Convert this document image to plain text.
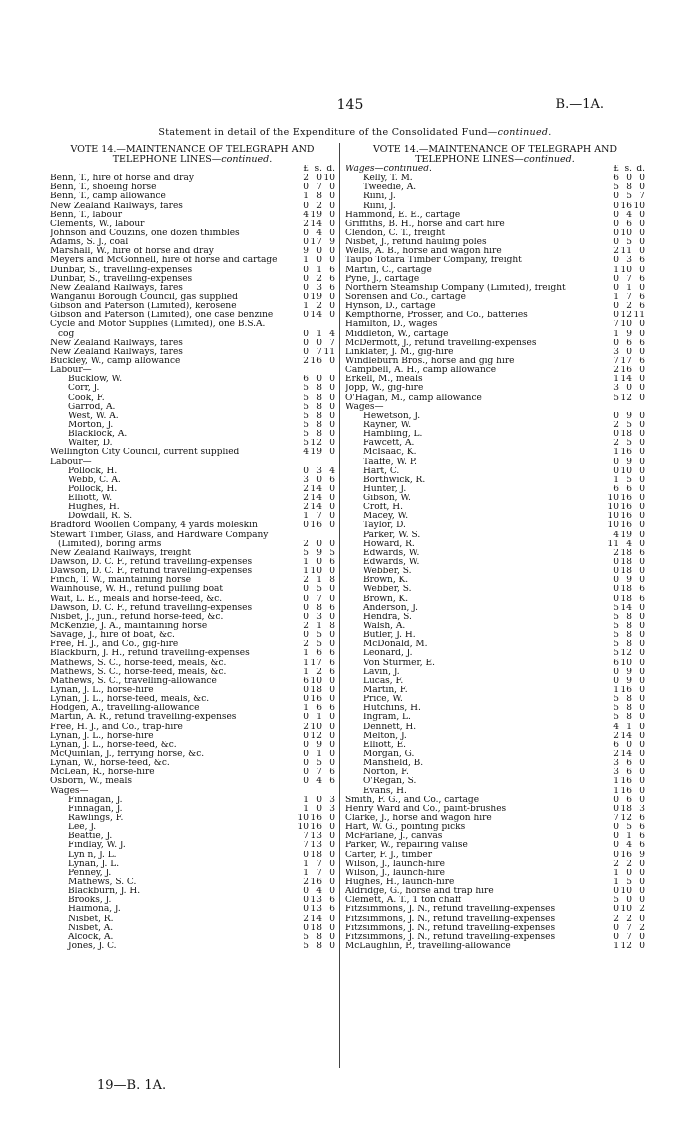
145	B.—1A.
Statement in detail of the Expenditure of the Consolidated Fund—continued.
VOTE 14.—MAINTENANCE OF TELEGRAPH AND TELEPHONE LINES—continued.
£ s. d.
Benn, T., hire of horse and dray	2 0 10
Benn, T., shoeing horse	0 7 0
Benn, T., camp allowance	1 8 0
New Zealand Railways, fares	0 2 0
Benn, T., labour	4 19 0
Clements, W., labour	2 14 0
Johnson and Couzins, one dozen thimbles	0 4 0
Adams, S. J., coal	0 17 9
Marshall, W., hire of horse and dray	9 0 0
Meyers and McGonnell, hire of horse and cartage	1 0 0
Dunbar, S., travelling-expenses	0 1 6
Dunbar, S., travelling-expenses	0 2 6
New Zealand Railways, fares	0 3 6
Wanganui Borough Council, gas supplied	0 19 0
Gibson and Paterson (Limited), kerosene	1 2 0
Gibson and Paterson (Limited), one case benzine	0 14 0
Cycle and Motor Supplies (Limited), one B.S.A.
cog	0 1 4
New Zealand Railways, fares	0 0 7
New Zealand Railways, fares	0 7 11
Buckley, W., camp allowance	2 16 0
Labour—
Bucklow, W.	6 0 0
Corr, J.	5 8 0
Cook, F.	5 8 0
Garrod, A.	5 8 0
West, W. A.	5 8 0
Morton, J.	5 8 0
Blacklock, A.	5 8 0
Walter, D.	5 12 0
Wellington City Council, current supplied	4 19 0
Labour—
Pollock, H.	0 3 4
Webb, C. A.	3 0 6
Pollock, H.	2 14 0
Elliott, W.	2 14 0
Hughes, H.	2 14 0
Dowdall, R. S.	1 7 0
Bradford Woollen Company, 4 yards moleskin	0 16 0
Stewart Timber, Glass, and Hardware Company
(Limited), boring arms	2 0 0
New Zealand Railways, freight	5 9 5
Dawson, D. C. F., refund travelling-expenses	1 0 6
Dawson, D. C. F., refund travelling-expenses	1 10 0
Finch, T. W., maintaining horse	2 1 8
Wainhouse, W. H., refund pulling boat	0 5 0
Wait, L. E., meals and horse-feed, &c.	0 7 0
Dawson, D. C. F., refund travelling-expenses	0 8 6
Nisbet, J., jun., refund horse-feed, &c.	0 3 0
McKenzie, J. A., maintaining horse	2 1 8
Savage, J., hire of boat, &c.	0 5 0
Free, H. J., and Co., gig-hire	2 5 0
Blackburn, J. H., refund travelling-expenses	1 6 6
Mathews, S. C., horse-feed, meals, &c.	1 17 6
Mathews, S. C., horse-feed, meals, &c.	1 2 6
Mathews, S. C., travelling-allowance	6 10 0
Lynan, J. L., horse-hire	0 18 0
Lynan, J. L., horse-feed, meals, &c.	0 16 0
Hodgen, A., travelling-allowance	1 6 6
Martin, A. R., refund travelling-expenses	0 1 0
Free, H. J., and Co., trap-hire	2 10 0
Lynan, J. L., horse-hire	0 12 0
Lynan, J. L., horse-feed, &c.	0 9 0
McQuinlan, J., ferrying horse, &c.	0 1 0
Lynan, W., horse-feed, &c.	0 5 0
McLean, R., horse-hire	0 7 6
Osborn, W., meals	0 4 6
Wages—
Finnagan, J.	1 0 3
Finnagan, J.	1 0 3
Rawlings, F.	10 16 0
Lee, J.	10 16 0
Beattie, J.	7 13 0
Findlay, W. J.	7 13 0
Lyn n, J. L.	0 18 0
Lynan, J. L.	1 7 0
Penney, J.	1 7 0
Mathews, S. C.	2 16 0
Blackburn, J. H.	0 4 0
Brooks, J.	0 13 6
Haimona, J.	0 13 6
Nisbet, R.	2 14 0
Nisbet, A.	0 18 0
Alcock, A.	5 8 0
Jones, J. C.	5 8 0
VOTE 14.—MAINTENANCE OF TELEGRAPH AND TELEPHONE LINES—continued.
Wages—continued.	£ s. d.
Kelly, T. M.	6 0 0
Tweedie, A.	5 8 0
Riini, J.	0 5 7
Riini, J.	0 16 10
Hammond, E. E., cartage	0 4 0
Griffiths, B. H., horse and cart hire	0 6 0
Clendon, C. T., freight	0 10 0
Nisbet, J., refund hauling poles	0 5 0
Wells, A. B., horse and wagon hire	2 11 0
Taupo Totara Timber Company, freight	0 3 6
Martin, C., cartage	1 10 0
Pyne, J., cartage	0 7 6
Northern Steamship Company (Limited), freight	0 1 0
Sorensen and Co., cartage	1 7 6
Hynson, D., cartage	0 2 6
Kempthorne, Prosser, and Co., batteries	0 12 11
Hamilton, D., wages	7 10 0
Middleton, W., cartage	1 9 0
McDermott, J., refund travelling-expenses	0 6 6
Linklater, J. M., gig-hire	3 0 0
Windleburn Bros., horse and gig hire	7 17 6
Campbell, A. H., camp allowance	2 16 0
Erkell, M., meals	1 14 0
Jopp, W., gig-hire	3 0 0
O'Hagan, M., camp allowance	5 12 0
Wages—
Hewetson, J.	0 9 0
Rayner, W.	2 5 0
Hambling, L.	0 18 0
Fawcett, A.	2 5 0
McIsaac, K.	1 16 0
Taaffe, W. P.	0 9 0
Hart, C.	0 10 0
Borthwick, R.	1 5 0
Hunter, J.	6 6 0
Gibson, W.	10 16 0
Croft, H.	10 16 0
Macey, W.	10 16 0
Taylor, D.	10 16 0
Parker, W. S.	4 19 0
Howard, R.	11 4 0
Edwards, W.	2 18 6
Edwards, W.	0 18 0
Webber, S.	0 18 0
Brown, K.	0 9 0
Webber, S.	0 18 6
Brown, K.	0 18 6
Anderson, J.	5 14 0
Hendra, S.	5 8 0
Walsh, A.	5 8 0
Butler, J. H.	5 8 0
McDonald, M.	5 8 0
Leonard, J.	5 12 0
Von Sturmer, E.	6 10 0
Lavin, J.	0 9 0
Lucas, F.	0 9 0
Martin, F.	1 16 0
Price, W.	5 8 0
Hutchins, H.	5 8 0
Ingram, L.	5 8 0
Dennett, H.	4 1 0
Melton, J.	2 14 0
Elliott, E.	6 0 0
Morgan, G.	2 14 0
Mansfield, B.	3 6 0
Norton, F.	3 6 0
O'Regan, S.	1 16 0
Evans, H.	1 16 0
Smith, F. G., and Co., cartage	0 6 0
Henry Ward and Co., paint-brushes	0 18 3
Clarke, J., horse and wagon hire	7 12 6
Hart, W. G., pointing picks	0 5 6
McFarlane, J., canvas	0 1 6
Parker, W., repairing valise	0 4 6
Carter, F. J., timber	0 16 9
Wilson, J., launch-hire	2 2 0
Wilson, J., launch-hire	1 0 0
Hughes, H., launch-hire	1 5 0
Aldridge, G., horse and trap hire	0 10 0
Clemett, A. T., 1 ton chaff	5 0 0
Fitzsimmons, J. N., refund travelling-expenses	0 10 2
Fitzsimmons, J. N., refund travelling-expenses	2 2 0
Fitzsimmons, J. N., refund travelling-expenses	0 7 2
Fitzsimmons, J. N., refund travelling-expenses	0 7 0
McLaughlin, P., travelling-allowance	1 12 0
19—B. 1A.
